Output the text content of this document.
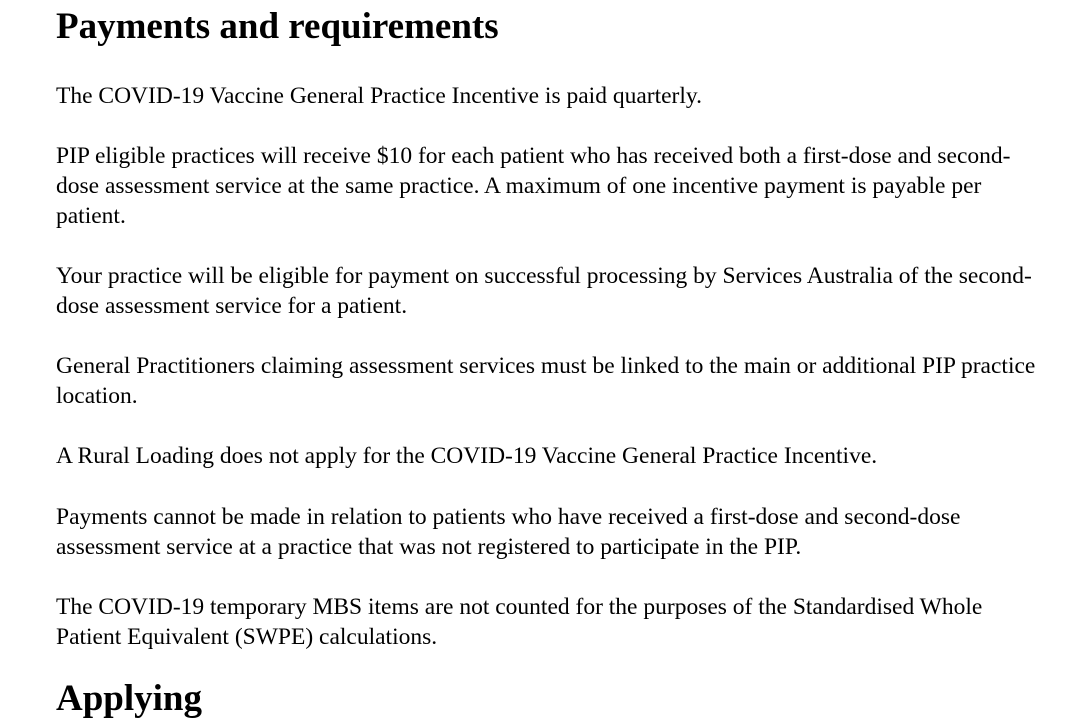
Payments and requirements

The COVID-19 Vaccine General Practice Incentive is paid quarterly.

PIP eligible practices will receive $10 for each patient who has received both a first-dose and second-dose assessment service at the same practice. A maximum of one incentive payment is payable per patient.

Your practice will be eligible for payment on successful processing by Services Australia of the second-dose assessment service for a patient.

General Practitioners claiming assessment services must be linked to the main or additional PIP practice location.

A Rural Loading does not apply for the COVID-19 Vaccine General Practice Incentive.

Payments cannot be made in relation to patients who have received a first-dose and second-dose assessment service at a practice that was not registered to participate in the PIP.

The COVID-19 temporary MBS items are not counted for the purposes of the Standardised Whole Patient Equivalent (SWPE) calculations.

Applying
